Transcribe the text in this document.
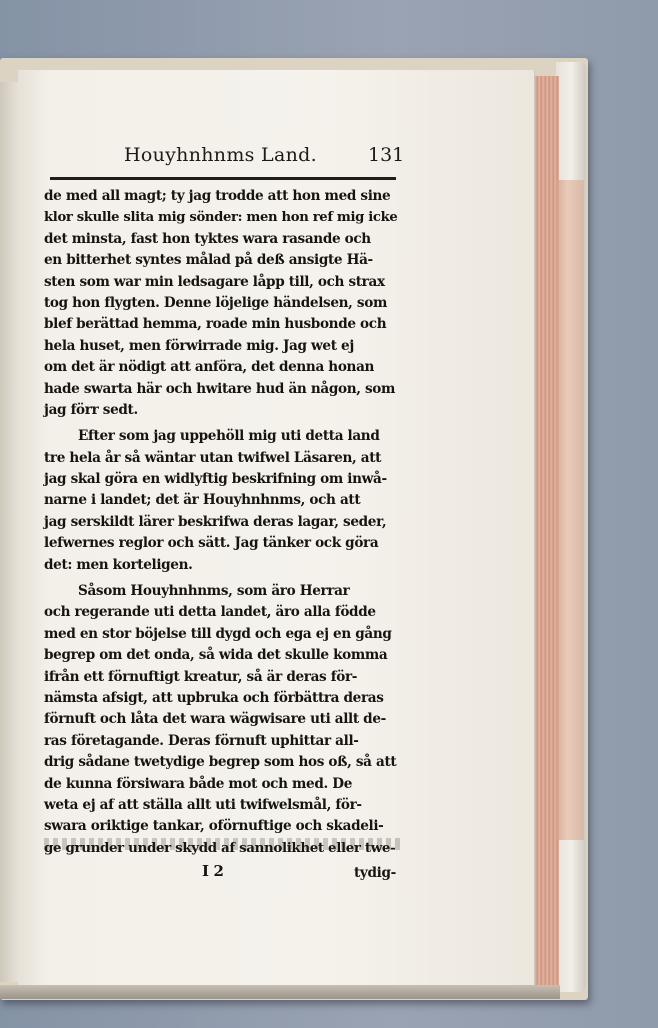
Houyhnhnms Land.	131
de med all magt; ty jag trodde att hon med sine
klor skulle slita mig sönder: men hon ref mig icke
det minsta, fast hon tyktes wara rasande och
en bitterhet syntes målad på deß ansigte Hä-
sten som war min ledsagare låpp till, och strax
tog hon flygten. Denne löjelige händelsen, som
blef berättad hemma, roade min husbonde och
hela huset, men förwirrade mig. Jag wet ej
om det är nödigt att anföra, det denna honan
hade swarta här och hwitare hud än någon, som
jag förr sedt.
Efter som jag uppehöll mig uti detta land
tre hela år så wäntar utan twifwel Läsaren, att
jag skal göra en widlyftig beskrifning om inwå-
narne i landet; det är Houyhnhnms, och att
jag serskildt lärer beskrifwa deras lagar, seder,
lefwernes reglor och sätt. Jag tänker ock göra
det: men korteligen.
Såsom Houyhnhnms, som äro Herrar
och regerande uti detta landet, äro alla födde
med en stor böjelse till dygd och ega ej en gång
begrep om det onda, så wida det skulle komma
ifrån ett förnuftigt kreatur, så är deras för-
nämsta afsigt, att upbruka och förbättra deras
förnuft och låta det wara wägwisare uti allt de-
ras företagande. Deras förnuft uphittar all-
drig sådane twetydige begrep som hos oß, så att
de kunna försiwara både mot och med. De
weta ej af att ställa allt uti twifwelsmål, för-
swara oriktige tankar, oförnuftige och skadeli-
ge grunder under skydd af sannolikhet eller twe-
I 2	tydig-
